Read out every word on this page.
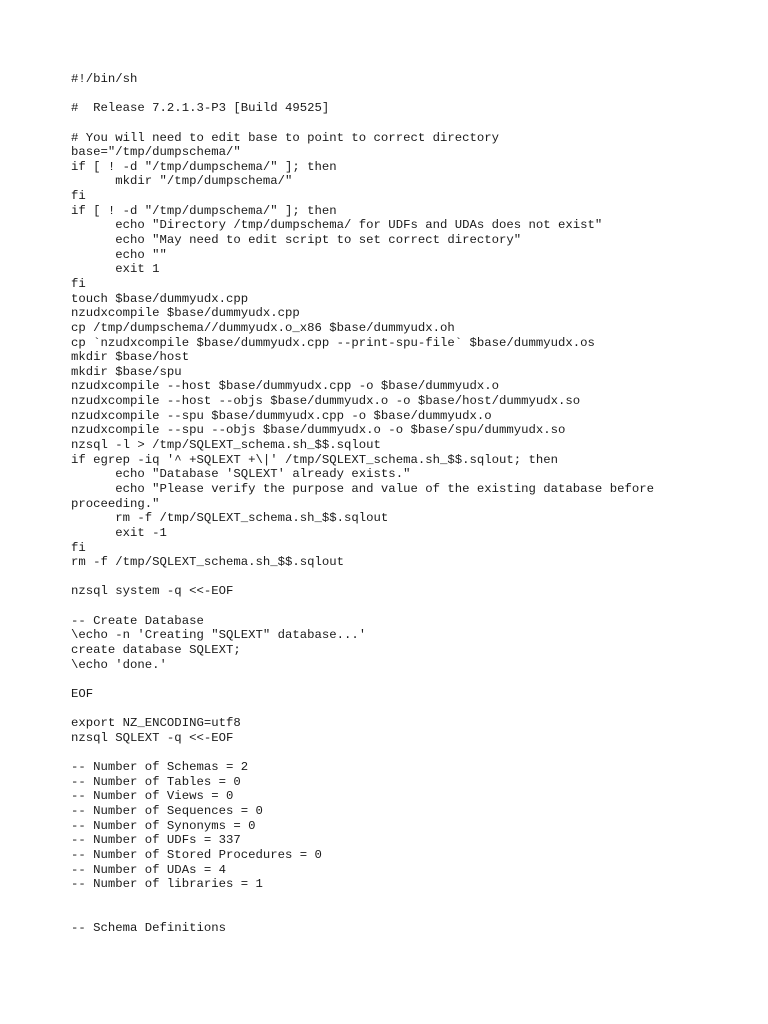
#!/bin/sh
#  Release 7.2.1.3-P3 [Build 49525]
# You will need to edit base to point to correct directory
base="/tmp/dumpschema/"
if [ ! -d "/tmp/dumpschema/" ]; then
mkdir "/tmp/dumpschema/"
fi
if [ ! -d "/tmp/dumpschema/" ]; then
echo "Directory /tmp/dumpschema/ for UDFs and UDAs does not exist"
echo "May need to edit script to set correct directory"
echo ""
exit 1
fi
touch $base/dummyudx.cpp
nzudxcompile $base/dummyudx.cpp
cp /tmp/dumpschema//dummyudx.o_x86 $base/dummyudx.oh
cp `nzudxcompile $base/dummyudx.cpp --print-spu-file` $base/dummyudx.os
mkdir $base/host
mkdir $base/spu
nzudxcompile --host $base/dummyudx.cpp -o $base/dummyudx.o
nzudxcompile --host --objs $base/dummyudx.o -o $base/host/dummyudx.so
nzudxcompile --spu $base/dummyudx.cpp -o $base/dummyudx.o
nzudxcompile --spu --objs $base/dummyudx.o -o $base/spu/dummyudx.so
nzsql -l > /tmp/SQLEXT_schema.sh_$$.sqlout
if egrep -iq '^ +SQLEXT +\|' /tmp/SQLEXT_schema.sh_$$.sqlout; then
echo "Database 'SQLEXT' already exists."
echo "Please verify the purpose and value of the existing database before
proceeding."
rm -f /tmp/SQLEXT_schema.sh_$$.sqlout
exit -1
fi
rm -f /tmp/SQLEXT_schema.sh_$$.sqlout
nzsql system -q <<-EOF
-- Create Database
\echo -n 'Creating "SQLEXT" database...'
create database SQLEXT;
\echo 'done.'
EOF
export NZ_ENCODING=utf8
nzsql SQLEXT -q <<-EOF
-- Number of Schemas = 2
-- Number of Tables = 0
-- Number of Views = 0
-- Number of Sequences = 0
-- Number of Synonyms = 0
-- Number of UDFs = 337
-- Number of Stored Procedures = 0
-- Number of UDAs = 4
-- Number of libraries = 1
-- Schema Definitions
